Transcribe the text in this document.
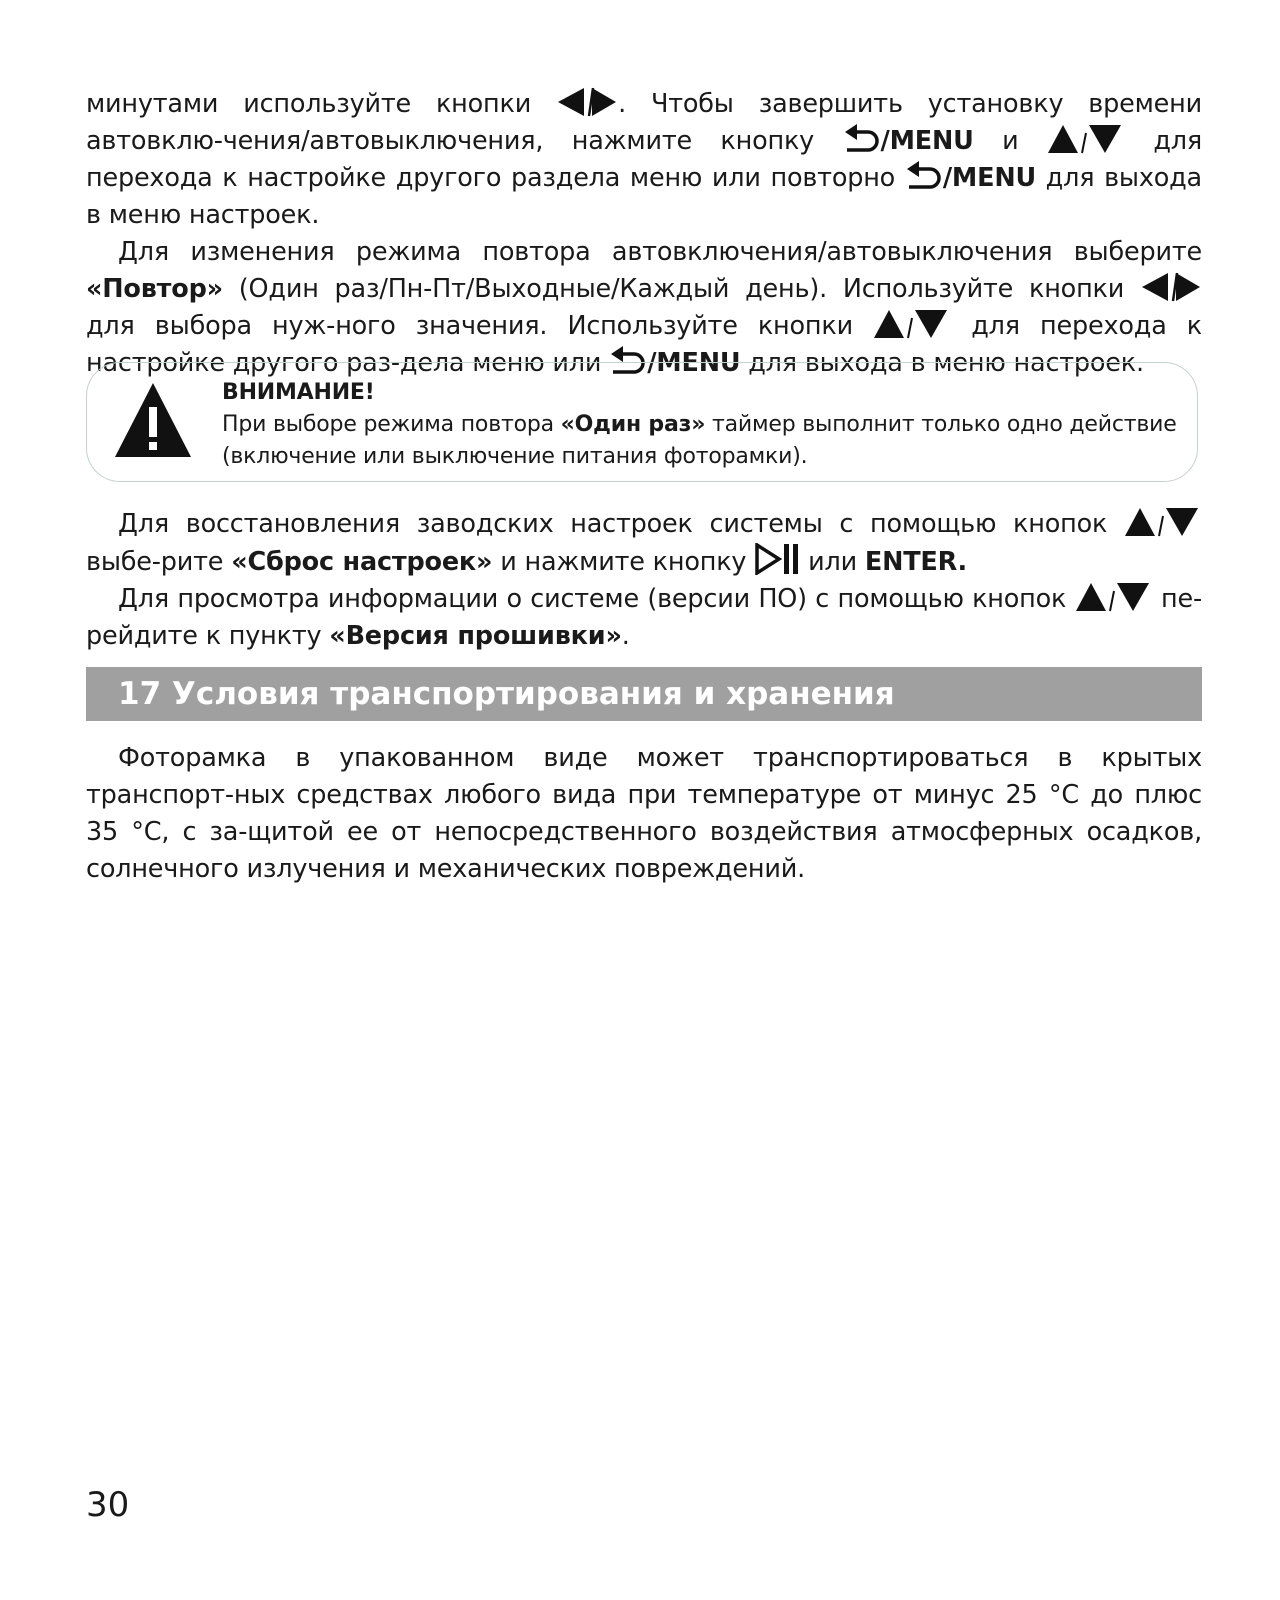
минутами используйте кнопки . Чтобы завершить установку времени автовклю-чения/автовыключения, нажмите кнопку /MENU и	для перехода к настройке другого раздела меню или повторно /MENU для выхода в меню настроек.

Для изменения режима повтора автовключения/автовыключения выберите «Повтор» (Один раз/Пн-Пт/Выходные/Каждый день). Используйте кнопки  для выбора нуж-ного значения. Используйте кнопки	для перехода к настройке другого раз-дела меню или /MENU для выхода в меню настроек.

ВНИМАНИЕ!

При выборе режима повтора «Один раз» таймер выполнит только одно действие (включение или выключение питания фоторамки).

Для восстановления заводских настроек системы с помощью кнопок  выбе-рите «Сброс настроек» и нажмите кнопку  или ENTER.

Для просмотра информации о системе (версии ПО) с помощью кнопок	пе-рейдите к пункту «Версия прошивки».

17 Условия транспортирования и хранения

Фоторамка в упакованном виде может транспортироваться в крытых транспорт-ных средствах любого вида при температуре от минус 25 °С до плюс 35 °С, с за-щитой ее от непосредственного воздействия атмосферных осадков, солнечного излучения и механических повреждений.

30
